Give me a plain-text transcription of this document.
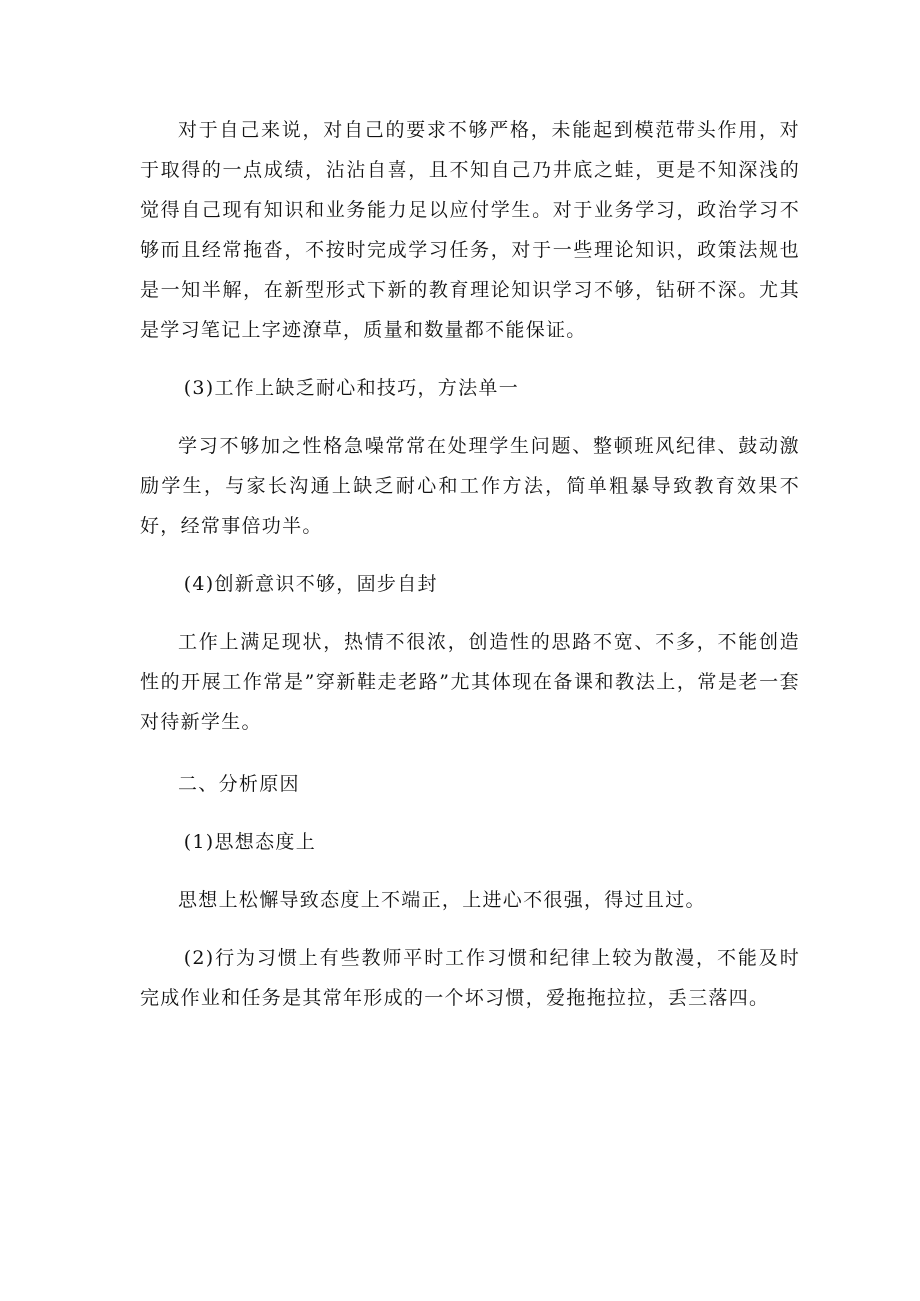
对于自己来说，对自己的要求不够严格，未能起到模范带头作用，对于取得的一点成绩，沾沾自喜，且不知自己乃井底之蛙，更是不知深浅的觉得自己现有知识和业务能力足以应付学生。对于业务学习，政治学习不够而且经常拖沓，不按时完成学习任务，对于一些理论知识，政策法规也是一知半解，在新型形式下新的教育理论知识学习不够，钻研不深。尤其是学习笔记上字迹潦草，质量和数量都不能保证。

(3)工作上缺乏耐心和技巧，方法单一

学习不够加之性格急噪常常在处理学生问题、整顿班风纪律、鼓动激励学生，与家长沟通上缺乏耐心和工作方法，简单粗暴导致教育效果不好，经常事倍功半。

(4)创新意识不够，固步自封

工作上满足现状，热情不很浓，创造性的思路不宽、不多，不能创造性的开展工作常是”穿新鞋走老路”尤其体现在备课和教法上，常是老一套对待新学生。

二、分析原因

(1)思想态度上

思想上松懈导致态度上不端正，上进心不很强，得过且过。

(2)行为习惯上有些教师平时工作习惯和纪律上较为散漫，不能及时完成作业和任务是其常年形成的一个坏习惯，爱拖拖拉拉，丢三落四。
